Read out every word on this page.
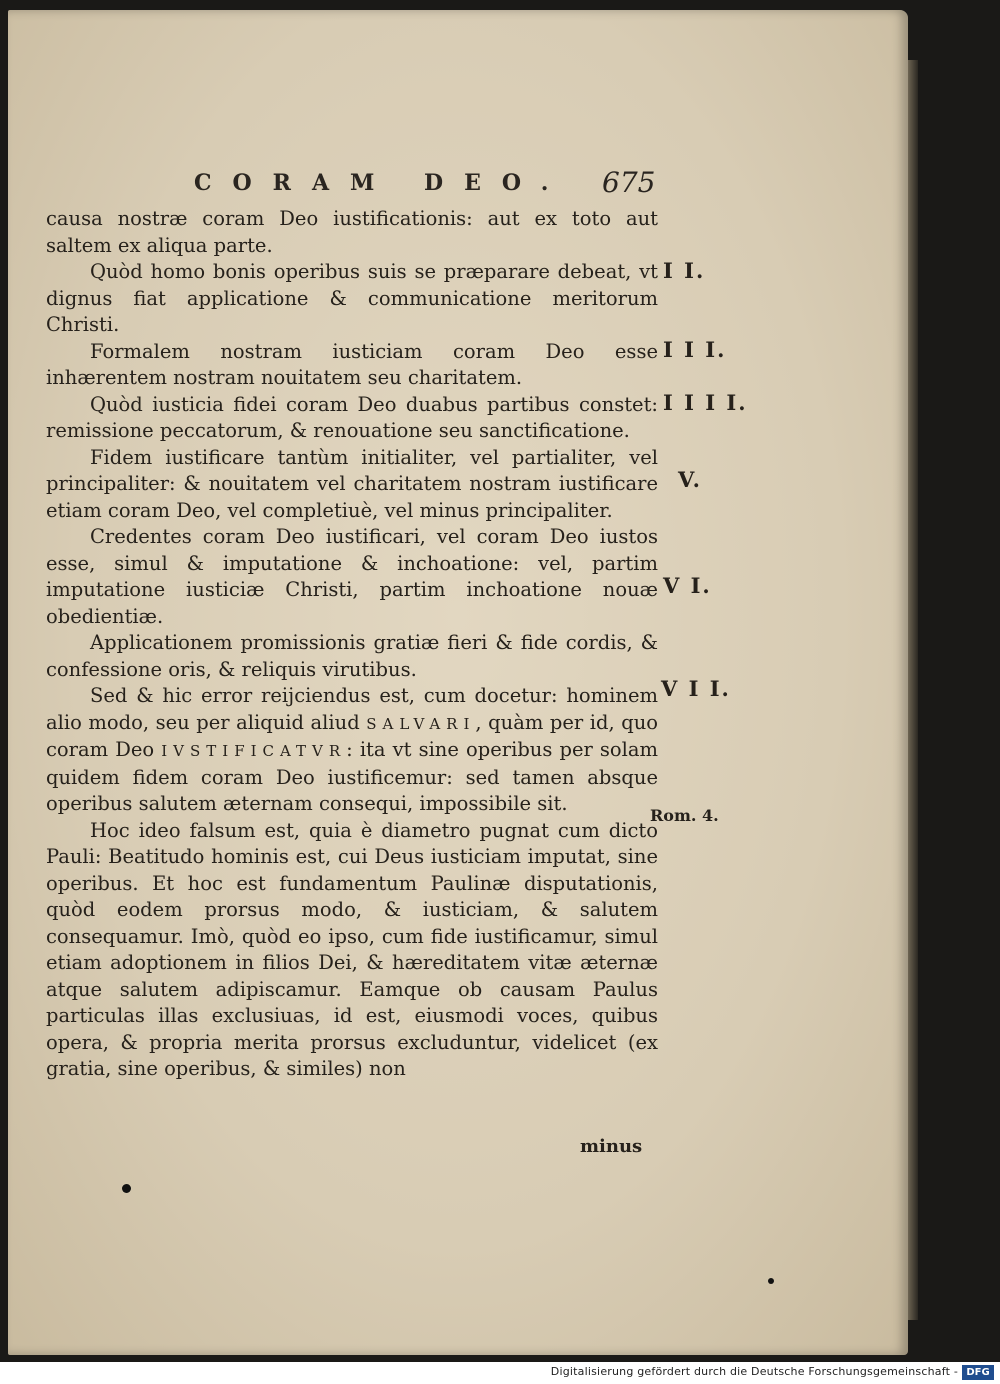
CORAM DEO. 675

causa nostræ coram Deo iustificationis: aut ex toto aut saltem ex aliqua parte.

Quòd homo bonis operibus suis se præparare debeat, vt dignus fiat applicatione & communicatione meritorum Christi.

Formalem nostram iusticiam coram Deo esse inhærentem nostram nouitatem seu charitatem.

Quòd iusticia fidei coram Deo duabus partibus constet: remissione peccatorum, & renouatione seu sanctificatione.

Fidem iustificare tantùm initialiter, vel partialiter, vel principaliter: & nouitatem vel charitatem nostram iustificare etiam coram Deo, vel completiuè, vel minus principaliter.

Credentes coram Deo iustificari, vel coram Deo iustos esse, simul & imputatione & inchoatione: vel, partim imputatione iusticiæ Christi, partim inchoatione nouæ obedientiæ.

Applicationem promissionis gratiæ fieri & fide cordis, & confessione oris, & reliquis virutibus.

Sed & hic error reijciendus est, cum docetur: hominem alio modo, seu per aliquid aliud SALVARI, quàm per id, quo coram Deo IVSTIFICATVR: ita vt sine operibus per solam quidem fidem coram Deo iustificemur: sed tamen absque operibus salutem æternam consequi, impossibile sit.

Hoc ideo falsum est, quia è diametro pugnat cum dicto Pauli: Beatitudo hominis est, cui Deus iusticiam imputat, sine operibus. Et hoc est fundamentum Paulinæ disputationis, quòd eodem prorsus modo, & iusticiam, & salutem consequamur. Imò, quòd eo ipso, cum fide iustificamur, simul etiam adoptionem in filios Dei, & hæreditatem vitæ æternæ atque salutem adipiscamur. Eamque ob causam Paulus particulas illas exclusiuas, id est, eiusmodi voces, quibus opera, & propria merita prorsus excluduntur, videlicet (ex gratia, sine operibus, & similes) non

minus
I I.
I I I.
I I I I.
V.
V I.
V I I.
Rom. 4.
Digitalisierung gefördert durch die Deutsche Forschungsgemeinschaft - DFG
